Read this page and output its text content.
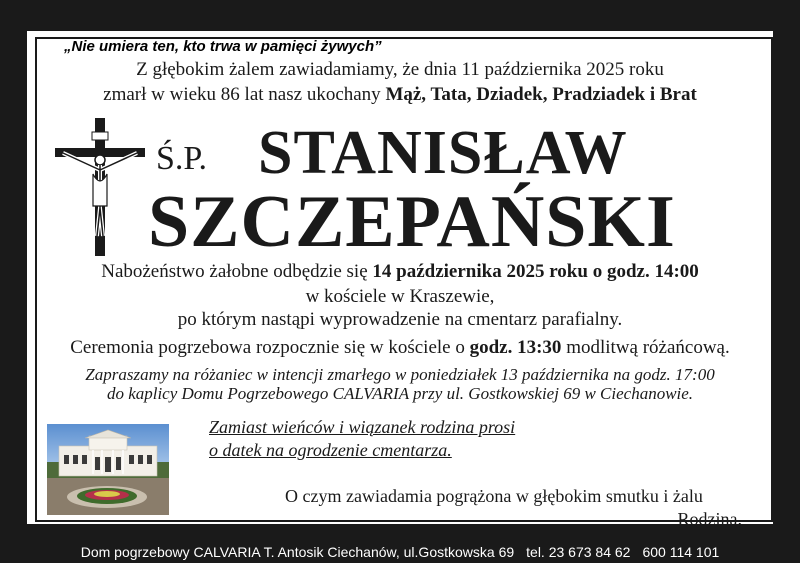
„Nie umiera ten, kto trwa w pamięci żywych”
Z głębokim żalem zawiadamiamy, że dnia 11 października 2025 roku
zmarł w wieku 86 lat nasz ukochany Mąż, Tata, Dziadek, Pradziadek i Brat
Ś.P. STANISŁAW
SZCZEPAŃSKI
Nabożeństwo żałobne odbędzie się 14 października 2025 roku o godz. 14:00
w kościele w Kraszewie,
po którym nastąpi wyprowadzenie na cmentarz parafialny.
Ceremonia pogrzebowa rozpocznie się w kościele o godz. 13:30 modlitwą różańcową.
Zapraszamy na różaniec w intencji zmarłego w poniedziałek 13 października na godz. 17:00
do kaplicy Domu Pogrzebowego CALVARIA przy ul. Gostkowskiej 69 w Ciechanowie.
Zamiast wieńców i wiązanek rodzina prosi
o datek na ogrodzenie cmentarza.
O czym zawiadamia pogrążona w głębokim smutku i żalu
Rodzina.
Dom pogrzebowy CALVARIA T. Antosik Ciechanów, ul.Gostkowska 69 tel. 23 673 84 62 600 114 101
